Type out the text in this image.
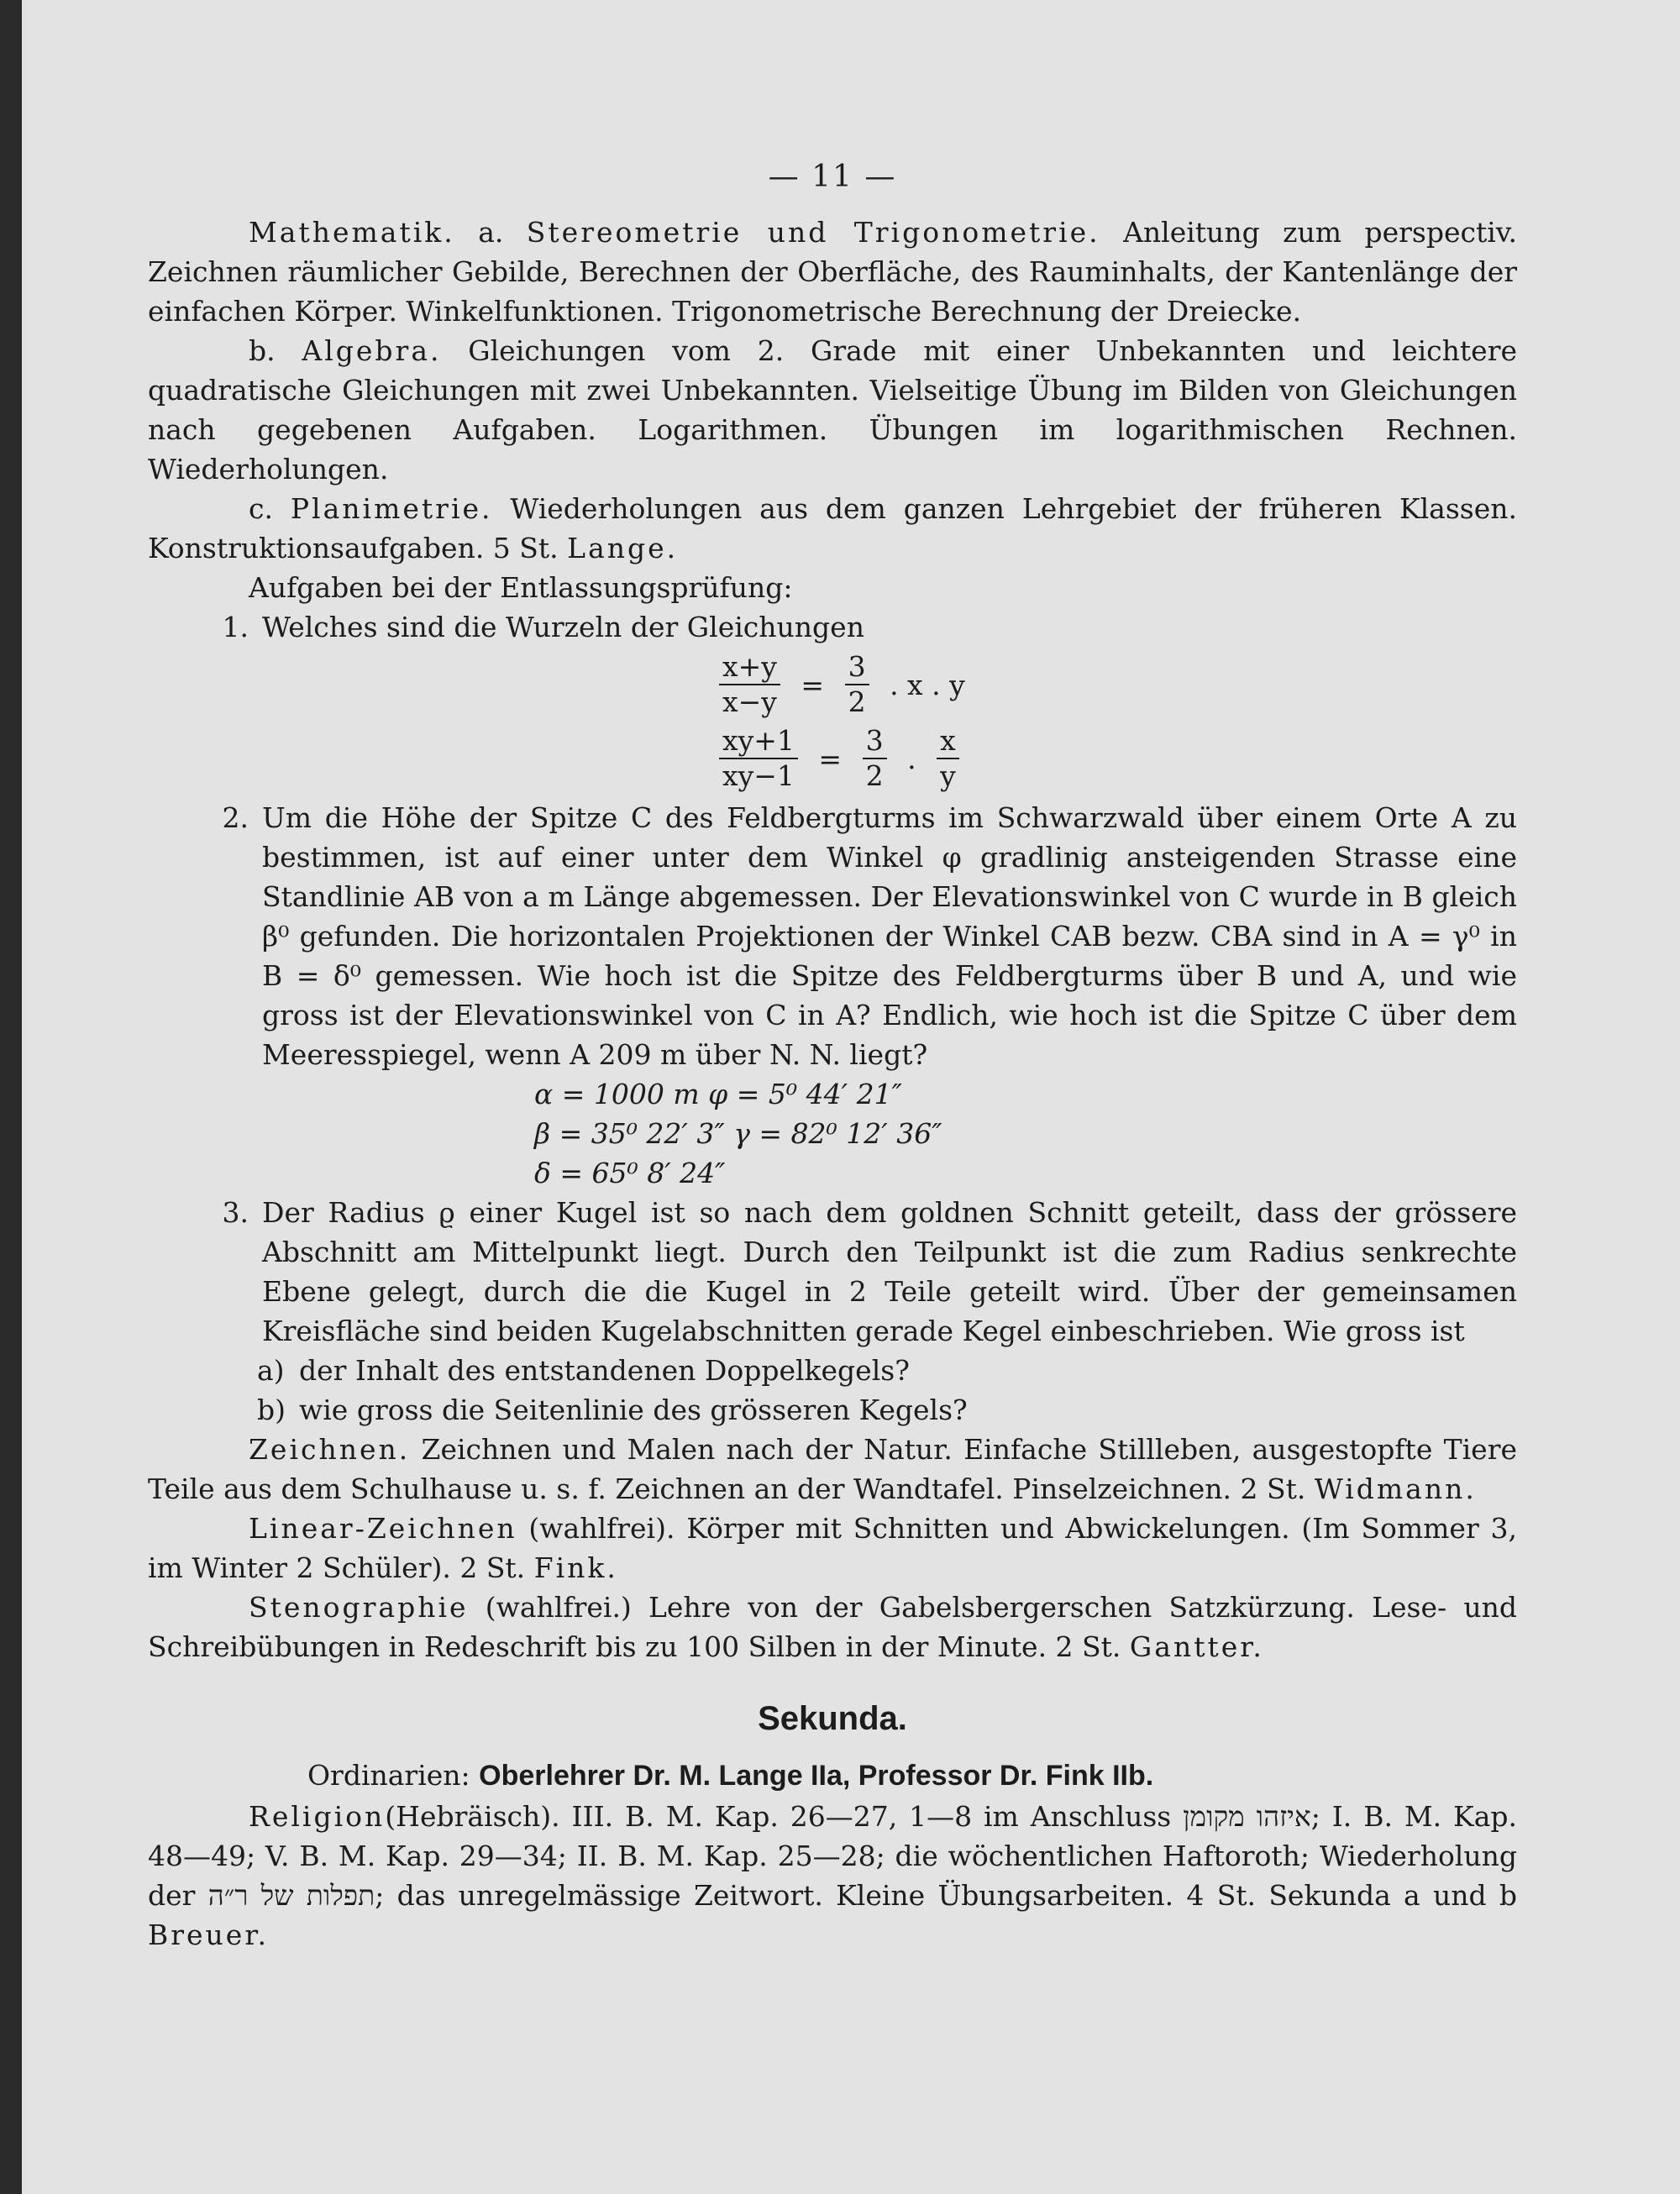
— 11 —

Mathematik. a. Stereometrie und Trigonometrie. Anleitung zum perspectiv. Zeichnen räumlicher Gebilde, Berechnen der Oberfläche, des Rauminhalts, der Kantenlänge der einfachen Körper. Winkelfunktionen. Trigonometrische Berechnung der Dreiecke.

b. Algebra. Gleichungen vom 2. Grade mit einer Unbekannten und leichtere quadratische Gleichungen mit zwei Unbekannten. Vielseitige Übung im Bilden von Gleichungen nach gegebenen Aufgaben. Logarithmen. Übungen im logarithmischen Rechnen. Wiederholungen.

c. Planimetrie. Wiederholungen aus dem ganzen Lehrgebiet der früheren Klassen. Konstruktionsaufgaben. 5 St. Lange.

Aufgaben bei der Entlassungsprüfung:

1. Welches sind die Wurzeln der Gleichungen

$\frac{x+y}{x-y} = \frac{3}{2}$ . x . y
$\frac{xy+1}{xy-1} = \frac{3}{2}$ . $\frac{x}{y}$

2. Um die Höhe der Spitze C des Feldbergturms im Schwarzwald über einem Orte A zu bestimmen, ist auf einer unter dem Winkel φ gradlinig ansteigenden Strasse eine Standlinie AB von a m Länge abgemessen. Der Elevationswinkel von C wurde in B gleich β⁰ gefunden. Die horizontalen Projektionen der Winkel CAB bezw. CBA sind in A = γ⁰ in B = δ⁰ gemessen. Wie hoch ist die Spitze des Feldbergturms über B und A, und wie gross ist der Elevationswinkel von C in A? Endlich, wie hoch ist die Spitze C über dem Meeresspiegel, wenn A 209 m über N. N. liegt?

α = 1000 m φ = 5⁰ 44′ 21″
β = 35⁰ 22′ 3″ γ = 82⁰ 12′ 36″
δ = 65⁰ 8′ 24″

3. Der Radius ϱ einer Kugel ist so nach dem goldnen Schnitt geteilt, dass der grössere Abschnitt am Mittelpunkt liegt. Durch den Teilpunkt ist die zum Radius senkrechte Ebene gelegt, durch die die Kugel in 2 Teile geteilt wird. Über der gemeinsamen Kreisfläche sind beiden Kugelabschnitten gerade Kegel einbeschrieben. Wie gross ist

a) der Inhalt des entstandenen Doppelkegels?

b) wie gross die Seitenlinie des grösseren Kegels?

Zeichnen. Zeichnen und Malen nach der Natur. Einfache Stillleben, ausgestopfte Tiere Teile aus dem Schulhause u. s. f. Zeichnen an der Wandtafel. Pinselzeichnen. 2 St. Widmann.

Linear-Zeichnen (wahlfrei). Körper mit Schnitten und Abwickelungen. (Im Sommer 3, im Winter 2 Schüler). 2 St. Fink.

Stenographie (wahlfrei.) Lehre von der Gabelsbergerschen Satzkürzung. Lese- und Schreibübungen in Redeschrift bis zu 100 Silben in der Minute. 2 St. Gantter.

Sekunda.

Ordinarien: Oberlehrer Dr. M. Lange IIa, Professor Dr. Fink IIb.

Religion(Hebräisch). III. B. M. Kap. 26—27, 1—8 im Anschluss איזהו מקומן; I. B. M. Kap. 48—49; V. B. M. Kap. 29—34; II. B. M. Kap. 25—28; die wöchentlichen Haftoroth; Wiederholung der תפלות של ר״ה; das unregelmässige Zeitwort. Kleine Übungsarbeiten. 4 St. Sekunda a und b Breuer.
